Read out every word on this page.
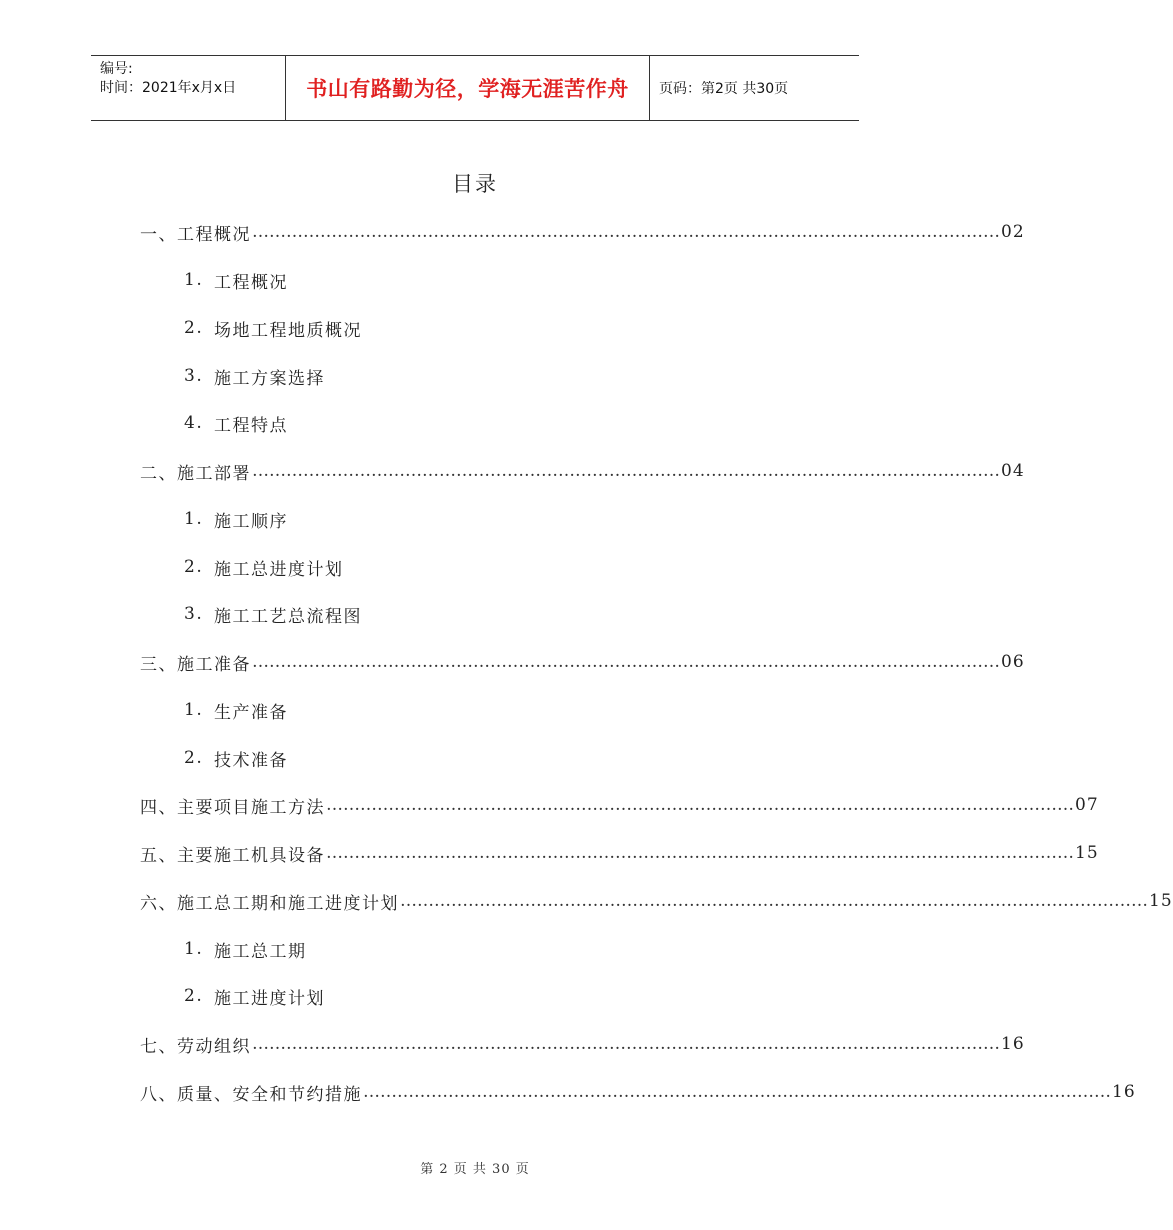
编号:
时间：2021年x月x日	书山有路勤为径，学海无涯苦作舟	页码：第2页 共30页
目录
一、 工程概况 …………………………………………………………………………………………………………………… 02
1. 工程概况
2. 场地工程地质概况
3. 施工方案选择
4. 工程特点
二、 施工部署 …………………………………………………………………………………………………………………… 04
1. 施工顺序
2. 施工总进度计划
3. 施工工艺总流程图
三、 施工准备 …………………………………………………………………………………………………………………… 06
1. 生产准备
2. 技术准备
四、 主要项目施工方法 …………………………………………………………………………………………………………………… 07
五、 主要施工机具设备 …………………………………………………………………………………………………………………… 15
六、 施工总工期和施工进度计划 …………………………………………………………………………………………………………………… 15
1. 施工总工期
2. 施工进度计划
七、 劳动组织 …………………………………………………………………………………………………………………… 16
八、 质量、安全和节约措施 …………………………………………………………………………………………………………………… 16
第 2 页 共 30 页
